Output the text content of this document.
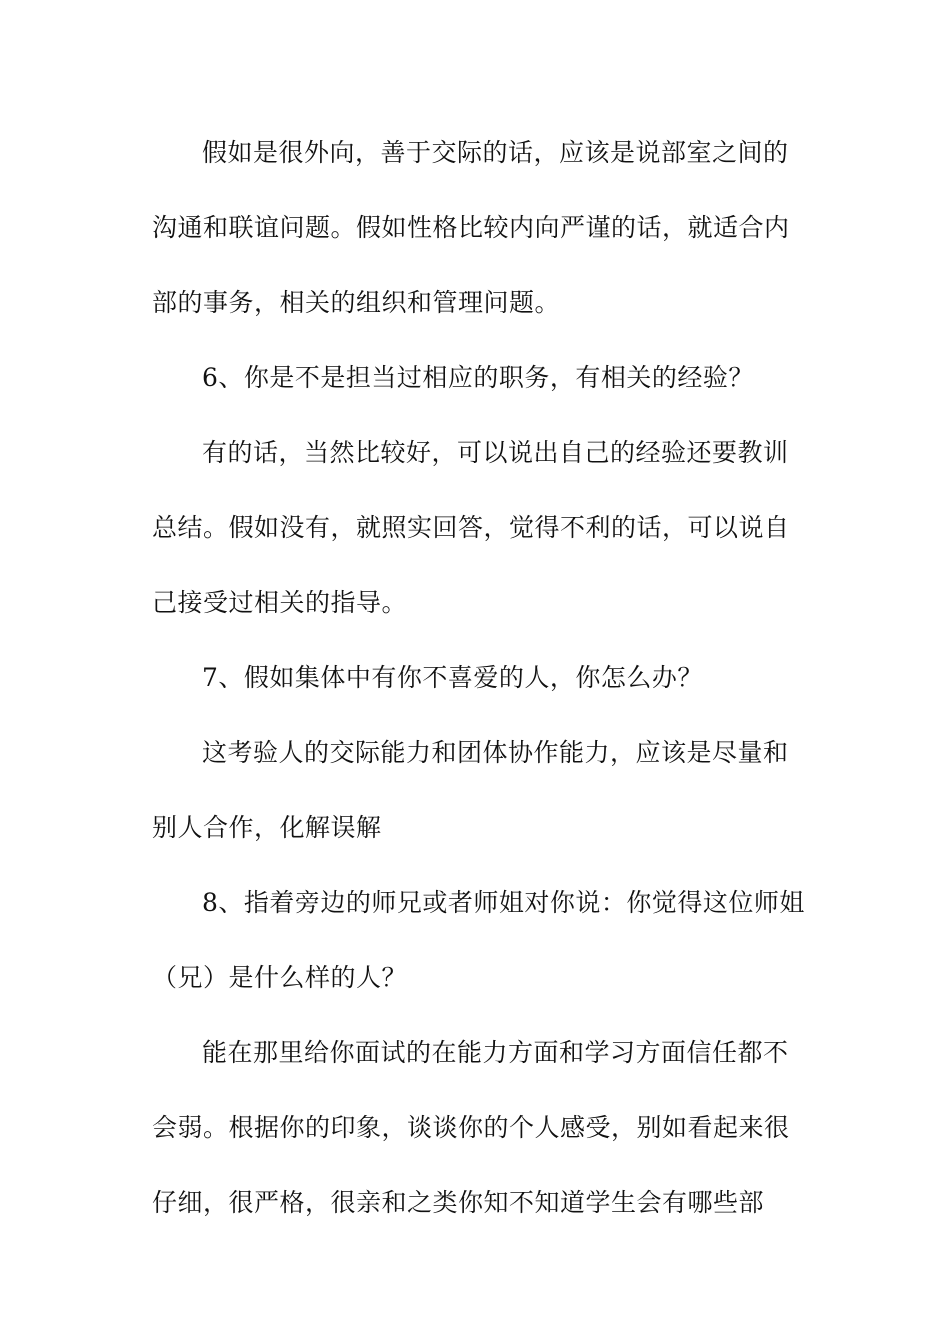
假如是很外向，善于交际的话，应该是说部室之间的
沟通和联谊问题。假如性格比较内向严谨的话，就适合内
部的事务，相关的组织和管理问题。
6、你是不是担当过相应的职务，有相关的经验？
有的话，当然比较好，可以说出自己的经验还要教训
总结。假如没有，就照实回答，觉得不利的话，可以说自
己接受过相关的指导。
7、假如集体中有你不喜爱的人，你怎么办？
这考验人的交际能力和团体协作能力，应该是尽量和
别人合作，化解误解
8、指着旁边的师兄或者师姐对你说：你觉得这位师姐
（兄）是什么样的人？
能在那里给你面试的在能力方面和学习方面信任都不
会弱。根据你的印象，谈谈你的个人感受，别如看起来很
仔细，很严格，很亲和之类你知不知道学生会有哪些部
